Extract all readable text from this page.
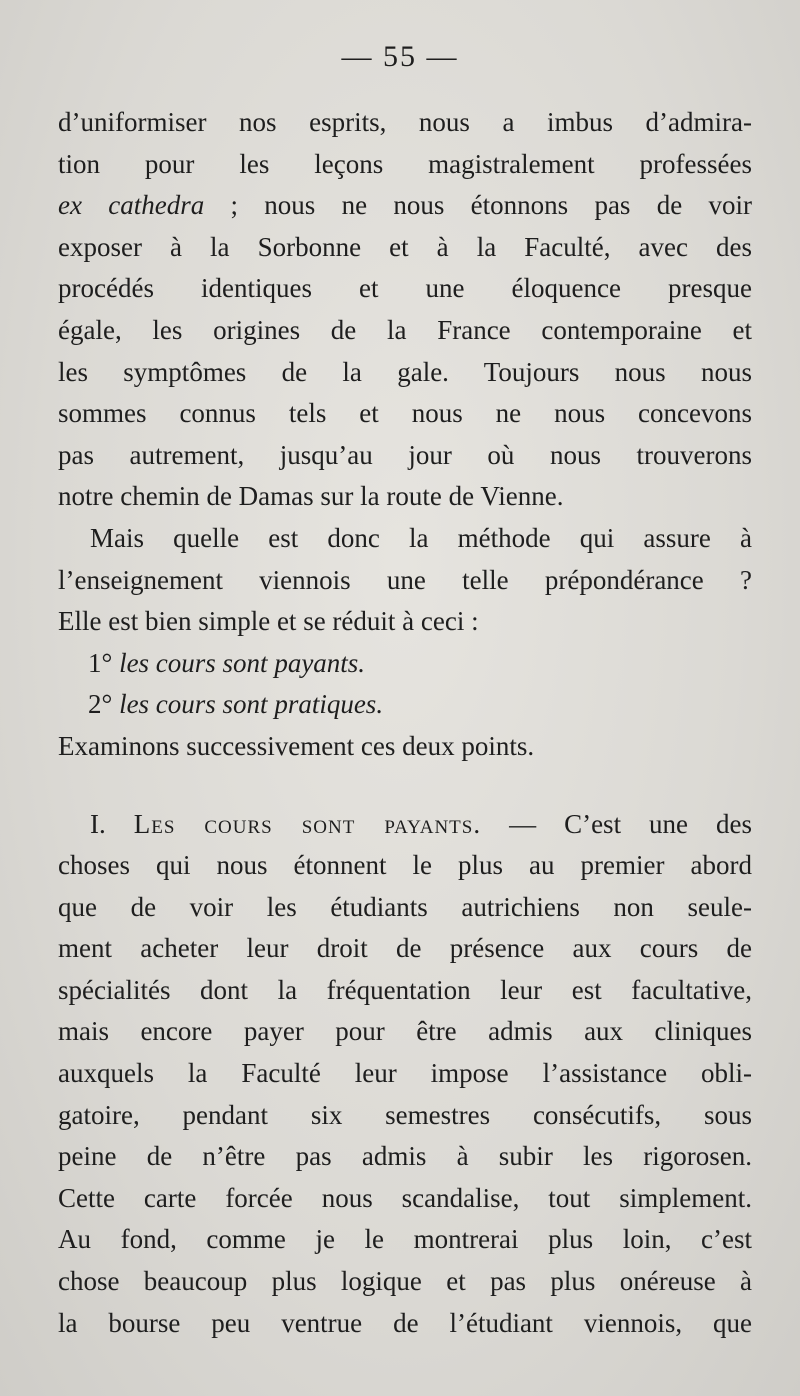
— 55 —
d’uniformiser nos esprits, nous a imbus d’admira-
tion pour les leçons magistralement professées
ex cathedra ; nous ne nous étonnons pas de voir
exposer à la Sorbonne et à la Faculté, avec des
procédés identiques et une éloquence presque
égale, les origines de la France contemporaine et
les symptômes de la gale. Toujours nous nous
sommes connus tels et nous ne nous concevons
pas autrement, jusqu’au jour où nous trouverons
notre chemin de Damas sur la route de Vienne.
Mais quelle est donc la méthode qui assure à
l’enseignement viennois une telle prépondérance ?
Elle est bien simple et se réduit à ceci :
1° les cours sont payants.
2° les cours sont pratiques.
Examinons successivement ces deux points.
I. Les cours sont payants. — C’est une des
choses qui nous étonnent le plus au premier abord
que de voir les étudiants autrichiens non seule-
ment acheter leur droit de présence aux cours de
spécialités dont la fréquentation leur est facultative,
mais encore payer pour être admis aux cliniques
auxquels la Faculté leur impose l’assistance obli-
gatoire, pendant six semestres consécutifs, sous
peine de n’être pas admis à subir les rigorosen.
Cette carte forcée nous scandalise, tout simplement.
Au fond, comme je le montrerai plus loin, c’est
chose beaucoup plus logique et pas plus onéreuse à
la bourse peu ventrue de l’étudiant viennois, que
